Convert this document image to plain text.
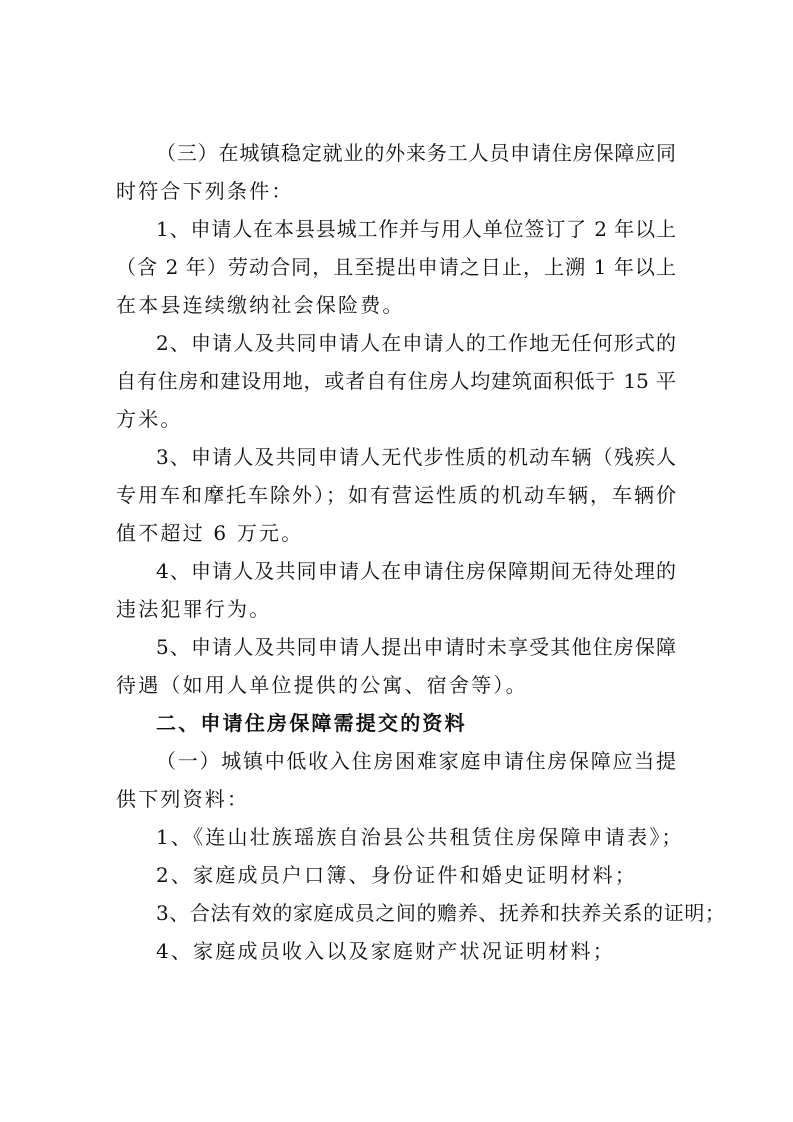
（三）在城镇稳定就业的外来务工人员申请住房保障应同
时符合下列条件：
1、申请人在本县县城工作并与用人单位签订了 2 年以上
（含 2 年）劳动合同，且至提出申请之日止，上溯 1 年以上
在本县连续缴纳社会保险费。
2、申请人及共同申请人在申请人的工作地无任何形式的
自有住房和建设用地，或者自有住房人均建筑面积低于 15 平
方米。
3、申请人及共同申请人无代步性质的机动车辆（残疾人
专用车和摩托车除外）；如有营运性质的机动车辆，车辆价
值不超过 6 万元。
4、申请人及共同申请人在申请住房保障期间无待处理的
违法犯罪行为。
5、申请人及共同申请人提出申请时未享受其他住房保障
待遇（如用人单位提供的公寓、宿舍等）。
二、申请住房保障需提交的资料
（一）城镇中低收入住房困难家庭申请住房保障应当提
供下列资料：
1、《连山壮族瑶族自治县公共租赁住房保障申请表》；
2、家庭成员户口簿、身份证件和婚史证明材料；
3、合法有效的家庭成员之间的赡养、抚养和扶养关系的证明；
4、家庭成员收入以及家庭财产状况证明材料；
